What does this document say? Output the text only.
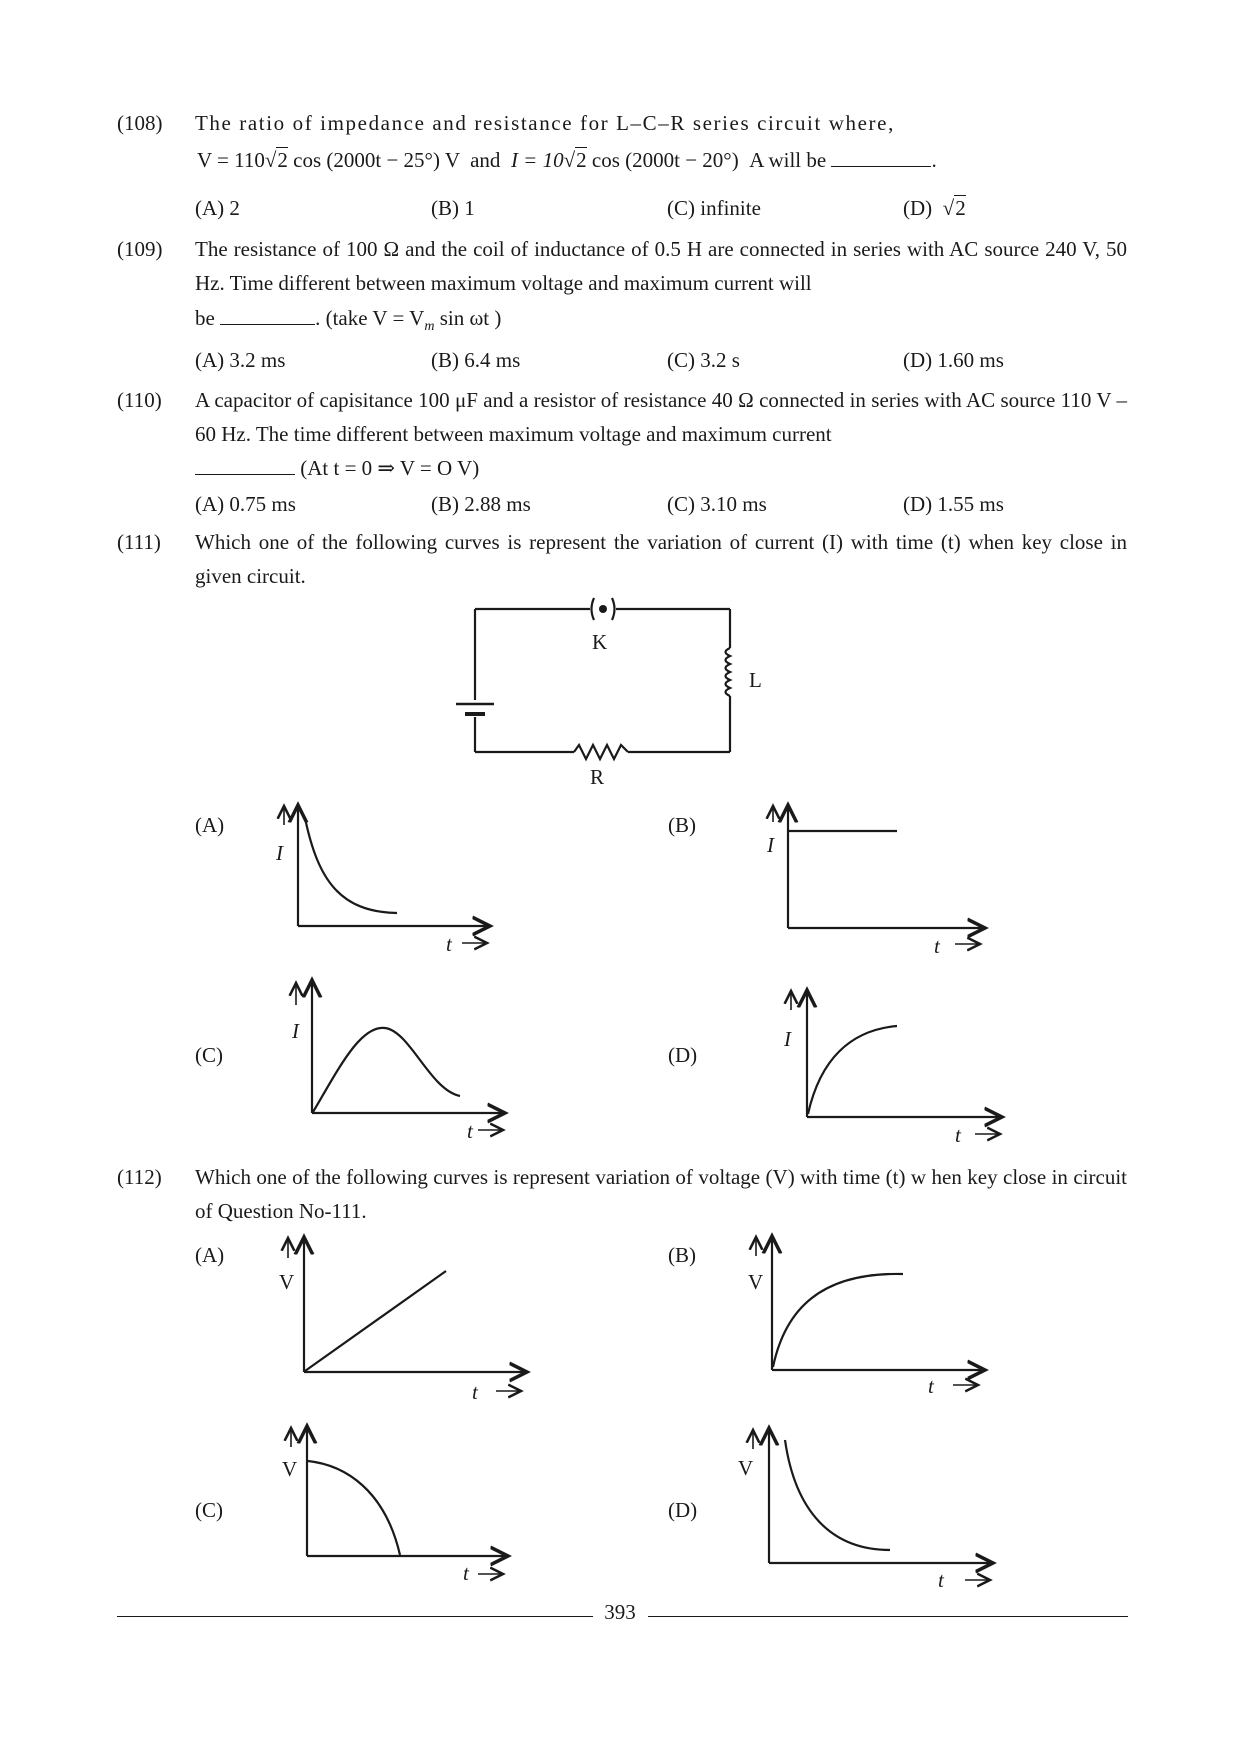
(108)	The ratio of impedance and resistance for L–C–R series circuit where,
V = 110√2 cos (2000t − 25°) V and I = 10√2 cos (2000t − 20°) A will be	.
(A) 2	(B) 1	(C) infinite	(D)  √2
(109)	The resistance of 100 Ω and the coil of inductance of 0.5 H are connected in series with AC source 240 V, 50 Hz. Time different between maximum voltage and maximum current will
be	. (take $V = V_m$ sin ωt )
(A) 3.2 ms	(B) 6.4 ms	(C) 3.2 s	(D) 1.60 ms
(110)	A capacitor of capisitance 100 μF and a resistor of resistance 40 Ω connected in series with AC source 110 V – 60 Hz. The time different between maximum voltage and maximum current
(At t = 0 ⇒ V = O V)
(A) 0.75 ms	(B) 2.88 ms	(C) 3.10 ms	(D) 1.55 ms
(111)	Which one of the following curves is represent the variation of current (I) with time (t) when key close in given circuit.
K
L
R
(A)	(B)
(C)	(D)
I
t
I
t
I
t
I
t
(112)	Which one of the following curves is represent variation of voltage (V) with time (t) w hen key close in circuit of Question No-111.
(A)	(B)
(C)	(D)
V
t
V
t
V
t
V
t
393
